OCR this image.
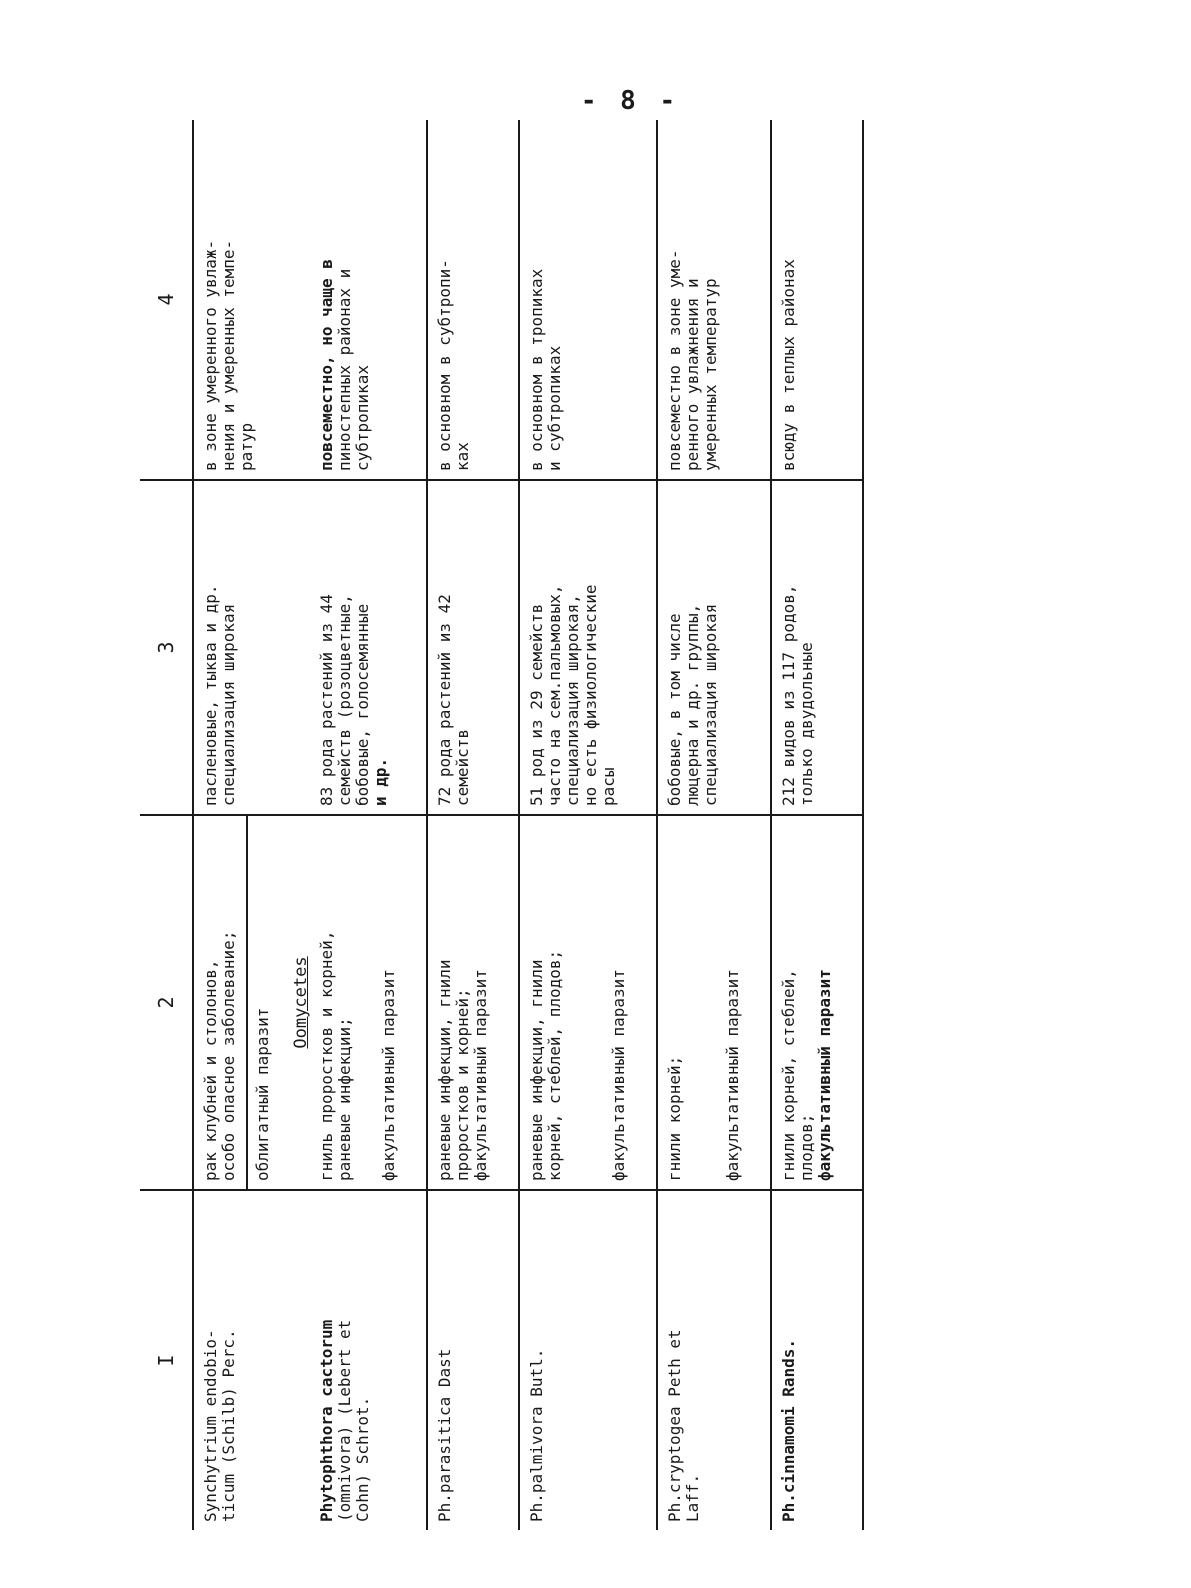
- 8 -
I	2	3	4

Synchytrium endobio- ticum (Schilb) Perc.	рак клубней и столонов, особо опасное заболевание; облигатный паразит	пасленовые, тыква и др. специализация широкая	в зоне умеренного увлаж- нения и умеренных темпе- ратур

	Oomycetes		

Phytophthora cactorum (omnivora) (Lebert et Cohn) Schrot.	гниль проростков и корней, раневые инфекции; факультативный паразит	83 рода растений из 44 семейств (розоцветные, бобовые, голосемянные и др.	повсеместно, но чаще в пиностепных районах и субтропиках

Ph.parasitica Dast	раневые инфекции, гнили проростков и корней; факультативный паразит	72 рода растений из 42 семейств	в основном в субтропи- ках

Ph.palmivora Butl.	раневые инфекции, гнили корней, стеблей, плодов; факультативный паразит	51 род из 29 семейств часто на сем.пальмовых, специализация широкая, но есть физиологические расы	в основном в тропиках и субтропиках

Ph.cryptogea Peth et Laff.	гнили корней; факультативный паразит	бобовые, в том числе люцерна и др. группы, специализация широкая	повсеместно в зоне уме- ренного увлажнения и умеренных температур

Ph.cinnamomi Rands.	гнили корней, стеблей, плодов; факультативный паразит	212 видов из 117 родов, только двудольные	всюду в теплых районах
